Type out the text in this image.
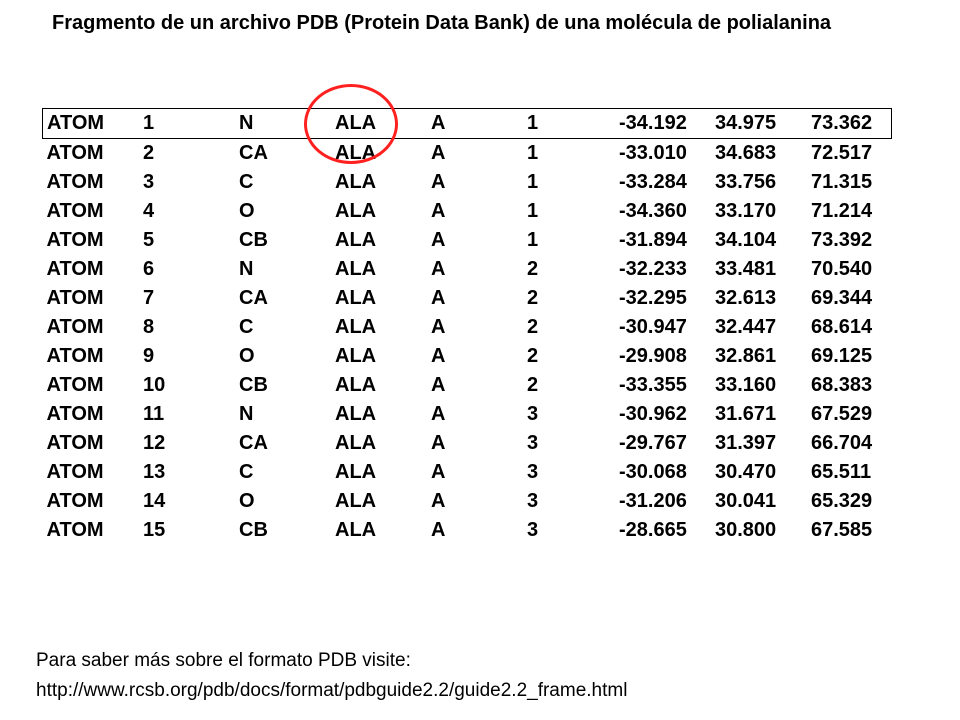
Fragmento de un archivo PDB (Protein Data Bank) de una molécula de polialanina
ATOM	1	N	ALA	A	1	-34.192	34.975	73.362
ATOM	2	CA	ALA	A	1	-33.010	34.683	72.517
ATOM	3	C	ALA	A	1	-33.284	33.756	71.315
ATOM	4	O	ALA	A	1	-34.360	33.170	71.214
ATOM	5	CB	ALA	A	1	-31.894	34.104	73.392
ATOM	6	N	ALA	A	2	-32.233	33.481	70.540
ATOM	7	CA	ALA	A	2	-32.295	32.613	69.344
ATOM	8	C	ALA	A	2	-30.947	32.447	68.614
ATOM	9	O	ALA	A	2	-29.908	32.861	69.125
ATOM	10	CB	ALA	A	2	-33.355	33.160	68.383
ATOM	11	N	ALA	A	3	-30.962	31.671	67.529
ATOM	12	CA	ALA	A	3	-29.767	31.397	66.704
ATOM	13	C	ALA	A	3	-30.068	30.470	65.511
ATOM	14	O	ALA	A	3	-31.206	30.041	65.329
ATOM	15	CB	ALA	A	3	-28.665	30.800	67.585

Para saber más sobre el formato PDB visite:

http://www.rcsb.org/pdb/docs/format/pdbguide2.2/guide2.2_frame.html
